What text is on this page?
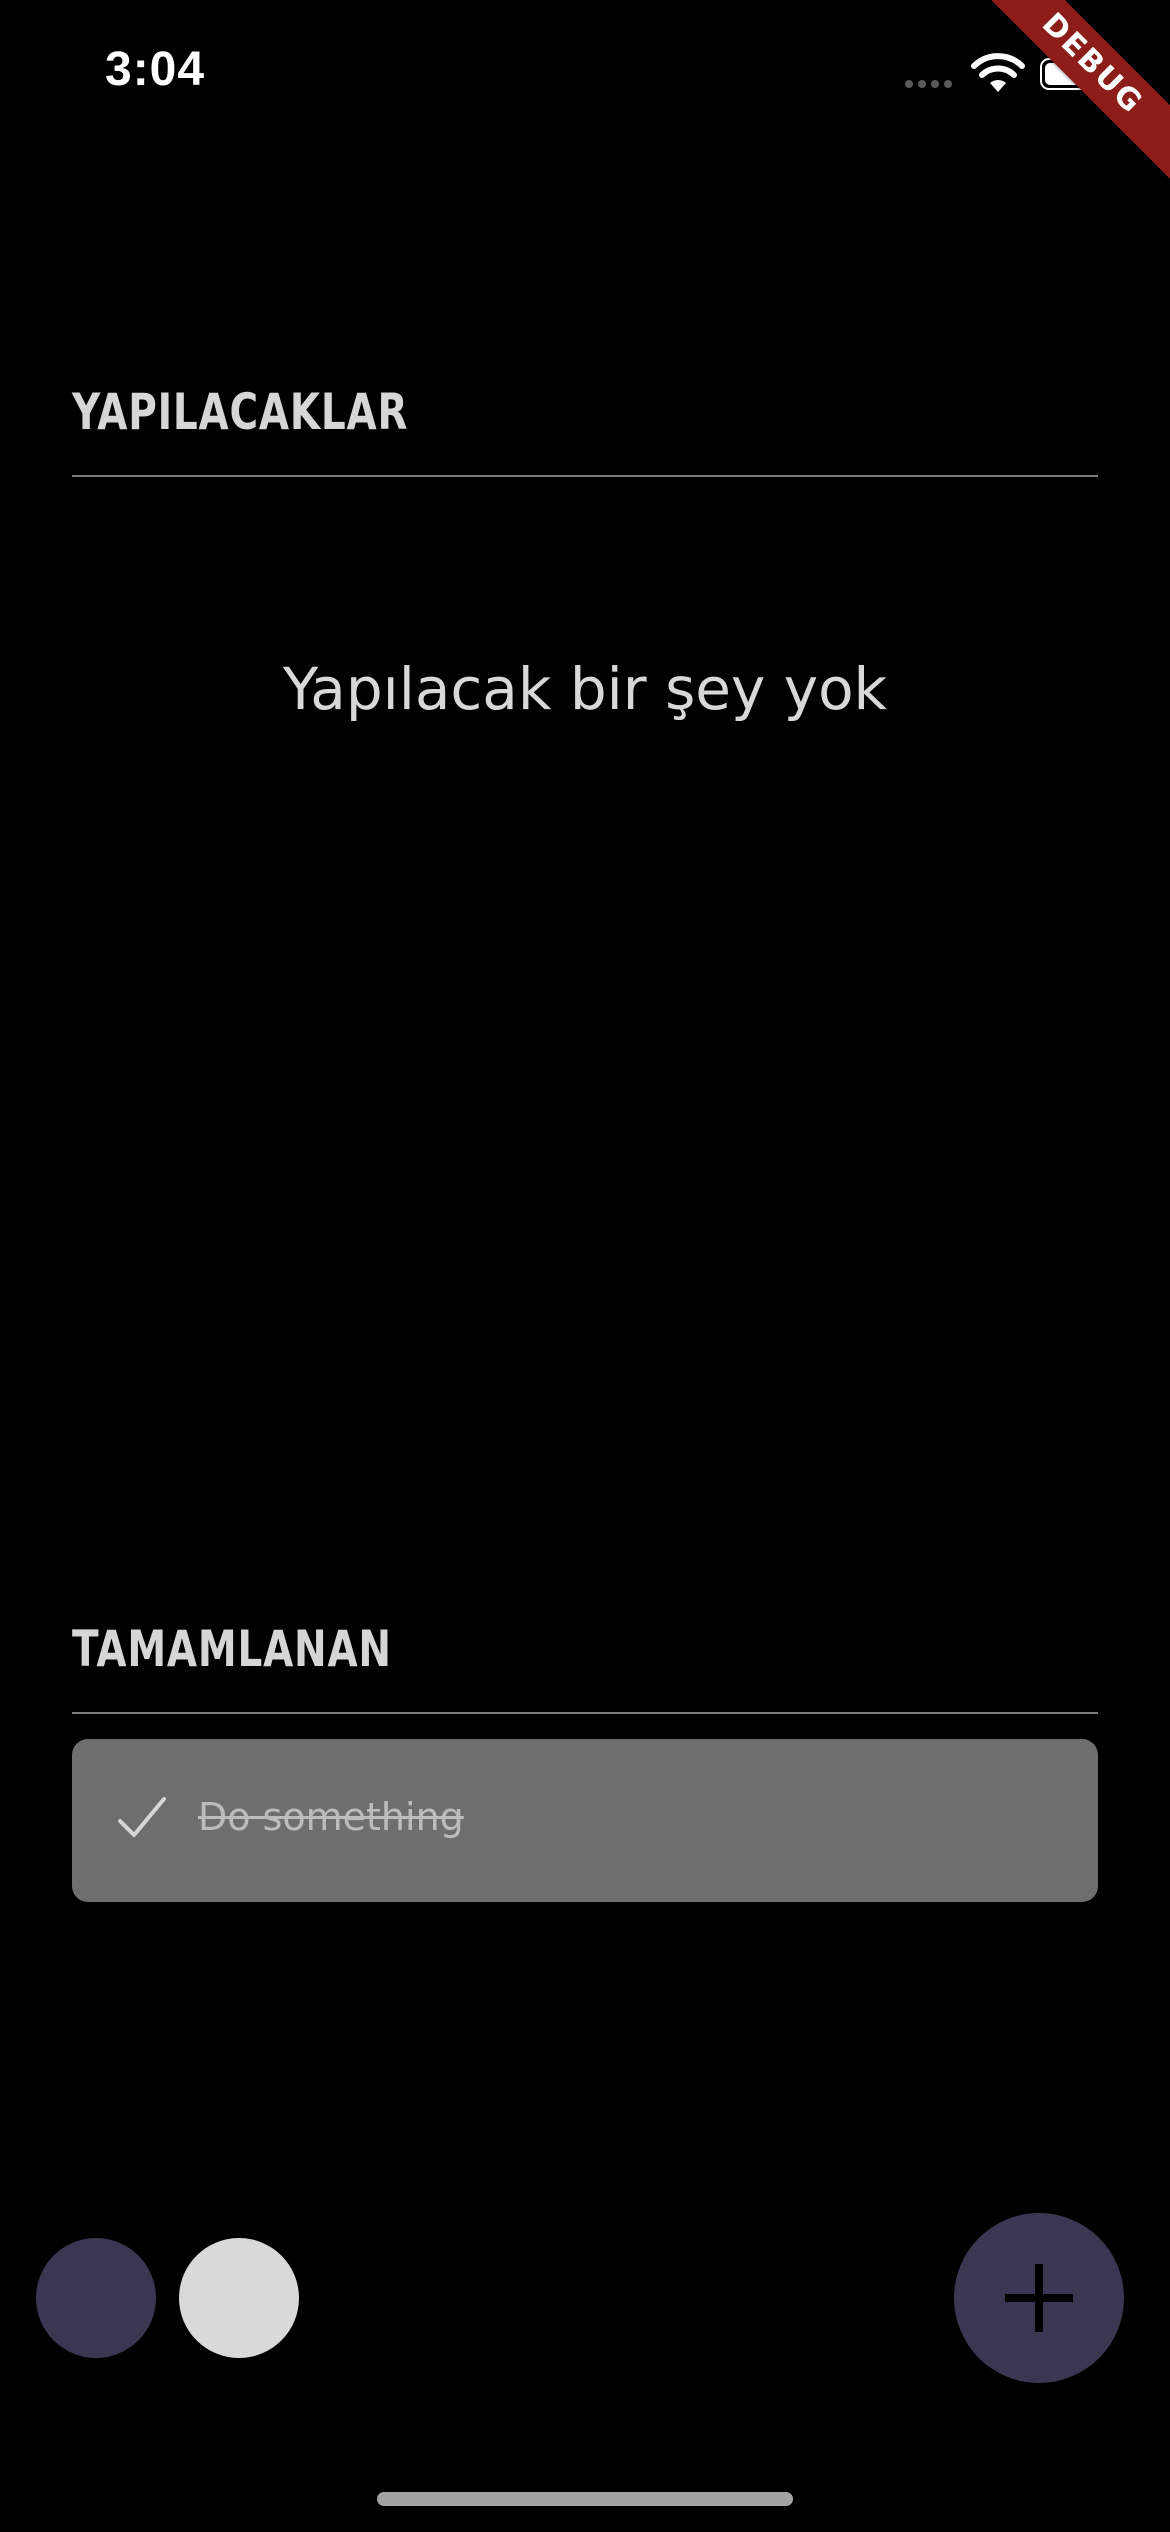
3:04	DEBUG
YAPILACAKLAR
Yapılacak bir şey yok
TAMAMLANAN
Do something
